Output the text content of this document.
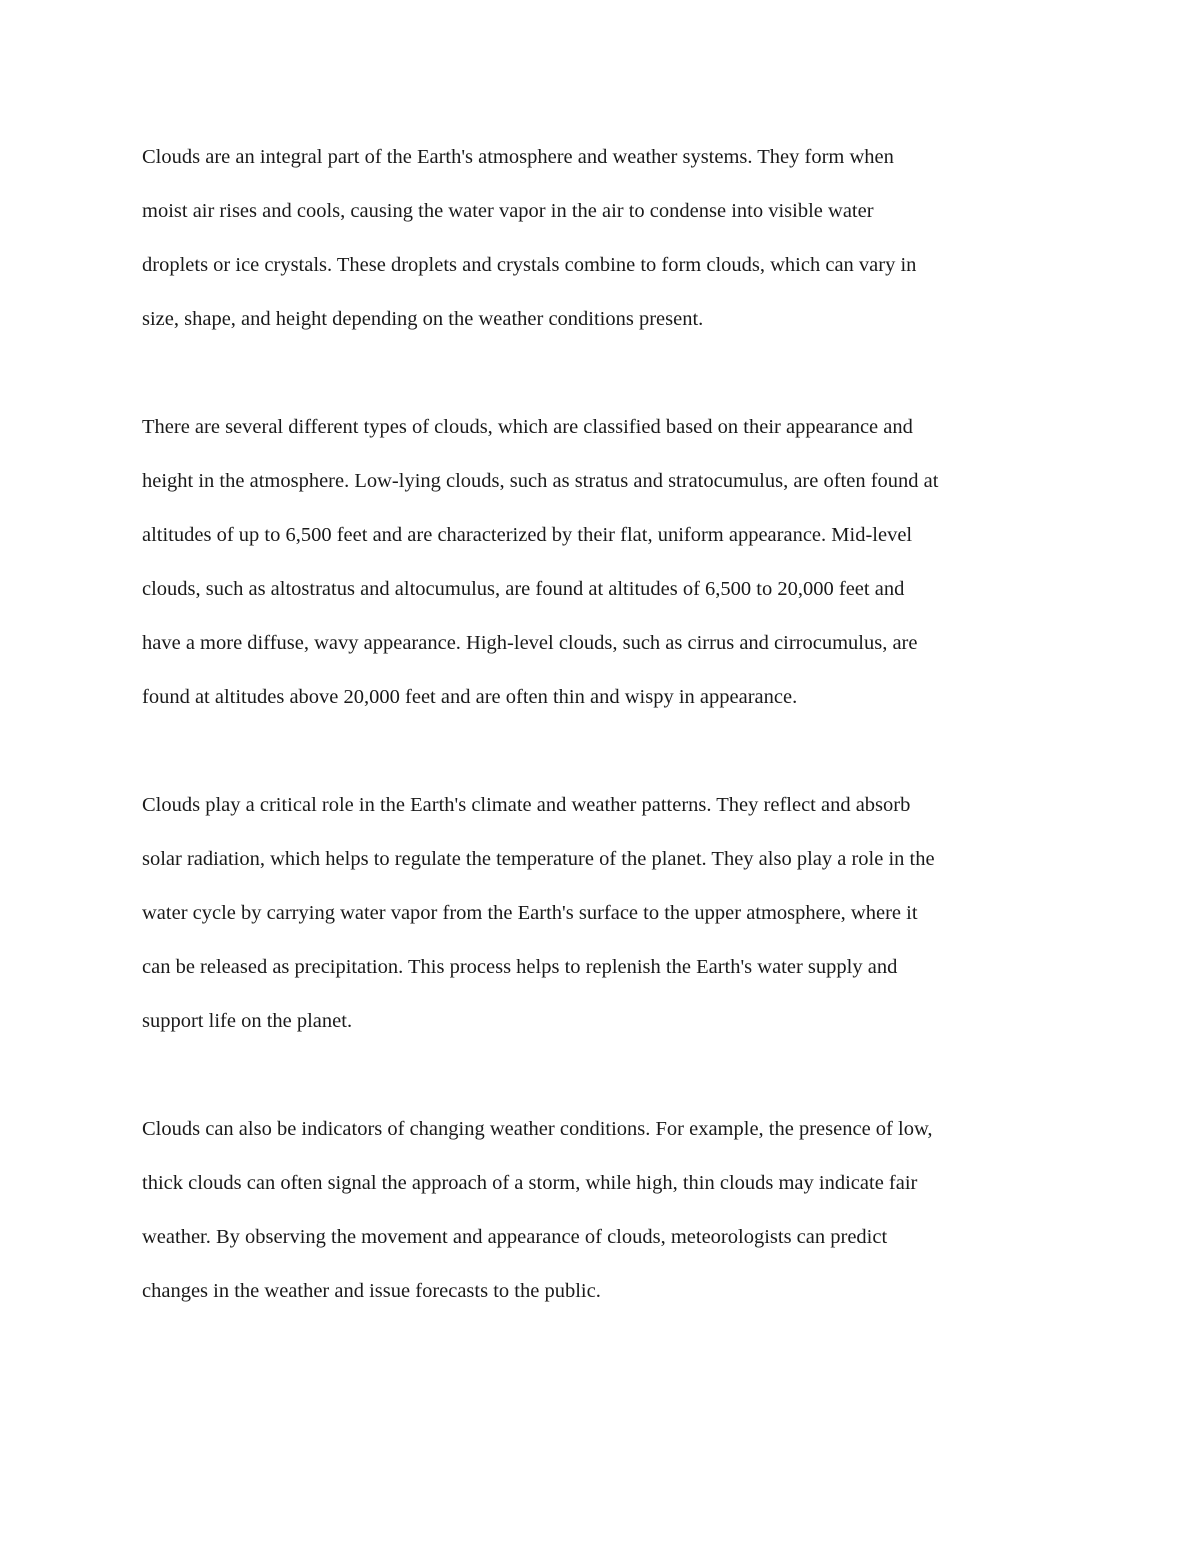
Clouds are an integral part of the Earth's atmosphere and weather systems. They form when
moist air rises and cools, causing the water vapor in the air to condense into visible water
droplets or ice crystals. These droplets and crystals combine to form clouds, which can vary in
size, shape, and height depending on the weather conditions present.

There are several different types of clouds, which are classified based on their appearance and
height in the atmosphere. Low-lying clouds, such as stratus and stratocumulus, are often found at
altitudes of up to 6,500 feet and are characterized by their flat, uniform appearance. Mid-level
clouds, such as altostratus and altocumulus, are found at altitudes of 6,500 to 20,000 feet and
have a more diffuse, wavy appearance. High-level clouds, such as cirrus and cirrocumulus, are
found at altitudes above 20,000 feet and are often thin and wispy in appearance.

Clouds play a critical role in the Earth's climate and weather patterns. They reflect and absorb
solar radiation, which helps to regulate the temperature of the planet. They also play a role in the
water cycle by carrying water vapor from the Earth's surface to the upper atmosphere, where it
can be released as precipitation. This process helps to replenish the Earth's water supply and
support life on the planet.

Clouds can also be indicators of changing weather conditions. For example, the presence of low,
thick clouds can often signal the approach of a storm, while high, thin clouds may indicate fair
weather. By observing the movement and appearance of clouds, meteorologists can predict
changes in the weather and issue forecasts to the public.
